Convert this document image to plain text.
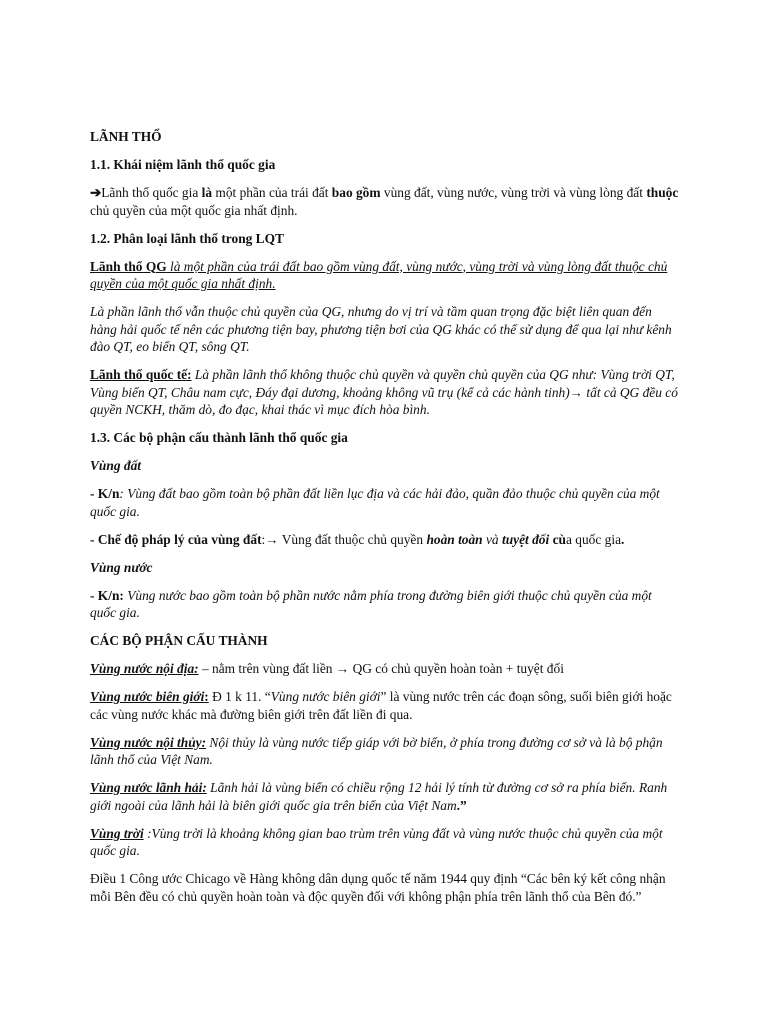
LÃNH THỔ

1.1. Khái niệm lãnh thổ quốc gia

➔Lãnh thổ quốc gia là một phần của trái đất bao gồm vùng đất, vùng nước, vùng trời và vùng lòng đất thuộc chủ quyền của một quốc gia nhất định.

1.2. Phân loại lãnh thổ trong LQT

Lãnh thổ QG là một phần của trái đất bao gồm vùng đất, vùng nước, vùng trời và vùng lòng đất thuộc chủ quyền của một quốc gia nhất định.

Là phần lãnh thổ vẫn thuộc chủ quyền của QG, nhưng do vị trí và tầm quan trọng đặc biệt liên quan đến hàng hải quốc tế nên các phương tiện bay, phương tiện bơi của QG khác có thể sử dụng để qua lại như kênh đào QT, eo biển QT, sông QT.

Lãnh thổ quốc tế: Là phần lãnh thổ không thuộc chủ quyền và quyền chủ quyền của QG như: Vùng trời QT, Vùng biển QT, Châu nam cực, Đáy đại dương, khoảng không vũ trụ (kể cả các hành tinh)→ tất cả QG đều có quyền NCKH, thăm dò, đo đạc, khai thác vì mục đích hòa bình.

1.3. Các bộ phận cấu thành lãnh thổ quốc gia

Vùng đất

- K/n: Vùng đất bao gồm toàn bộ phần đất liền lục địa và các hải đảo, quần đảo thuộc chủ quyền của một quốc gia.

- Chế độ pháp lý của vùng đất:→ Vùng đất thuộc chủ quyền hoàn toàn và tuyệt đối cùa quốc gia.

Vùng nước

- K/n: Vùng nước bao gồm toàn bộ phần nước nằm phía trong đường biên giới thuộc chủ quyền của một quốc gia.

CÁC BỘ PHẬN CẤU THÀNH

Vùng nước nội địa: – nằm trên vùng đất liền → QG có chủ quyền hoàn toàn + tuyệt đối

Vùng nước biên giới: Đ 1 k 11. “Vùng nước biên giới” là vùng nước trên các đoạn sông, suối biên giới hoặc các vùng nước khác mà đường biên giới trên đất liền đi qua.

Vùng nước nội thủy: Nội thủy là vùng nước tiếp giáp với bờ biển, ở phía trong đường cơ sở và là bộ phận lãnh thổ của Việt Nam.

Vùng nước lãnh hải: Lãnh hải là vùng biển có chiều rộng 12 hải lý tính từ đường cơ sở ra phía biển. Ranh giới ngoài của lãnh hải là biên giới quốc gia trên biển của Việt Nam.”

Vùng trời :Vùng trời là khoảng không gian bao trùm trên vùng đất và vùng nước thuộc chủ quyền của một quốc gia.

Điều 1 Công ước Chicago về Hàng không dân dụng quốc tế năm 1944 quy định “Các bên ký kết công nhận mỗi Bên đều có chủ quyền hoàn toàn và độc quyền đối với không phận phía trên lãnh thổ của Bên đó.”
